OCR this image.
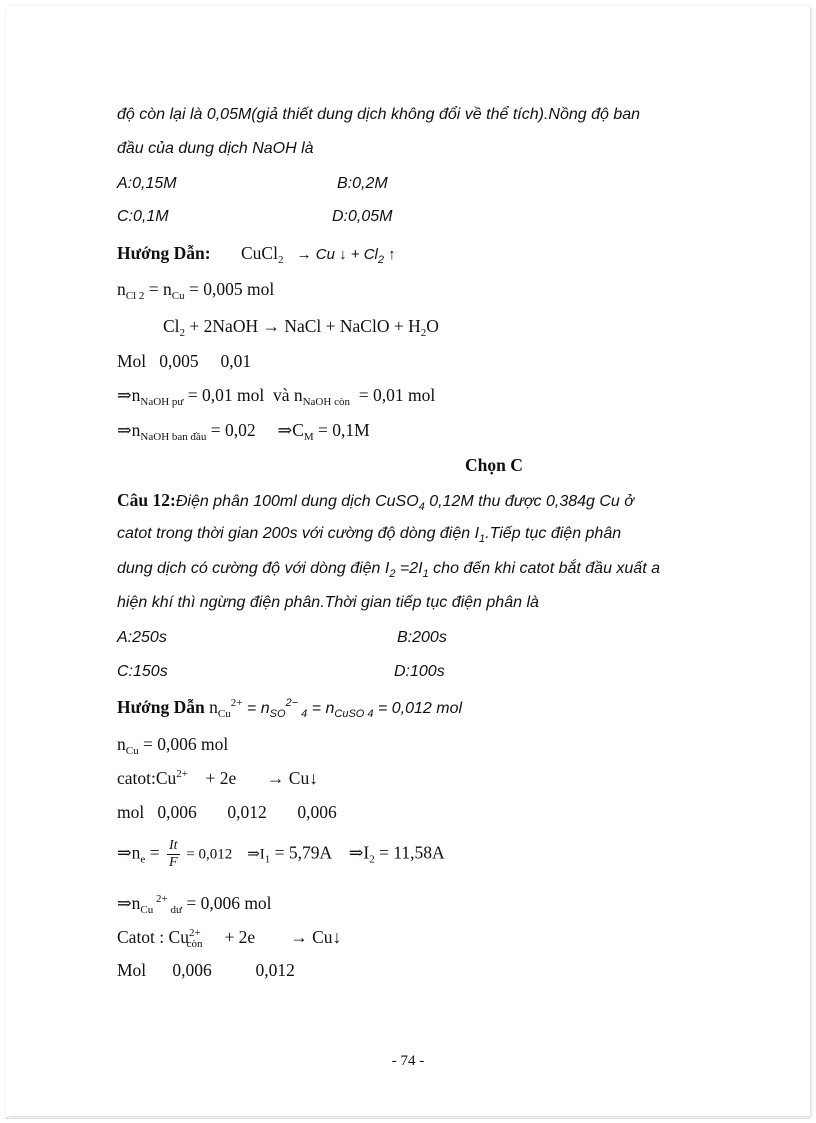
độ còn lại là 0,05M(giả thiết dung dịch không đổi về thể tích).Nồng độ ban
đầu của dung dịch NaOH là
A:0,15M	B:0,2M
C:0,1M	D:0,05M
Hướng Dẫn: CuCl$_2$ → Cu ↓ + $Cl_2$ ↑
$n_{Cl 2} = n_{Cu} = 0,005$ mol
$Cl_2$ + 2NaOH → NaCl + NaClO + $H_2O$
Mol   0,005     0,01
$\Rightarrow n_{NaOH pư} = 0,01$ mol  và $n_{NaOH còn} = 0,01$ mol
$\Rightarrow n_{NaOH ban đầu} = 0,02$     $\Rightarrow C_M = 0,1M$
Chọn C
Câu 12:Điện phân 100ml dung dịch CuSO$_4$ 0,12M thu được 0,384g Cu ở
catot trong thời gian 200s với cường độ dòng điện $I_1.Tiếp$ tục điện phân
dung dịch có cường độ với dòng điện $I_2 =2I_1$ cho đến khi catot bắt đầu xuất a
hiện khí thì ngừng điện phân.Thời gian tiếp tục điện phân là
A:250s	B:200s
C:150s	D:100s
Hướng Dẫn $n_{Cu}^{2+} = n_{SO}^{2-}$ $_4 = n_{CuSO 4} = 0,012$ mol
$n_{Cu} = 0,006$ mol
$catot:Cu^{2+}$    + 2e       → Cu↓
mol   0,006       0,012       0,006
$\Rightarrow n_e = \frac{It}{F} = 0,012$    $\Rightarrow I_1 = 5,79A$    $\Rightarrow I_2 = 11,58A$
$\Rightarrow n_{Cu}$ $^{2+}$ $_{dư}$ = 0,006 mol
Catot : $Cu^{2+}_{còn}$     + 2e        → Cu↓
Mol      0,006          0,012
- 74 -
